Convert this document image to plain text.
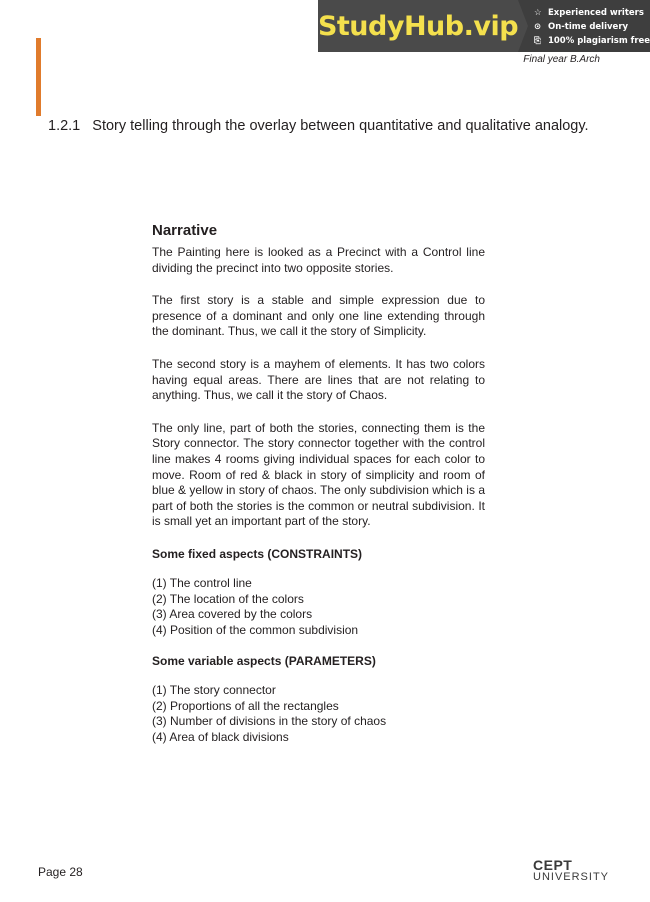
StudyHub.vip ☆ Experienced writers
⊙ On-time delivery
⎘ 100% plagiarism free
Final year B.Arch
1.2.1 Story telling through the overlay between quantitative and qualitative analogy.
Narrative

The Painting here is looked as a Precinct with a Control line dividing the precinct into two opposite stories.

The first story is a stable and simple expression due to presence of a dominant and only one line extending through the dominant. Thus, we call it the story of Simplicity.

The second story is a mayhem of elements. It has two colors having equal areas. There are lines that are not relating to anything. Thus, we call it the story of Chaos.

The only line, part of both the stories, connecting them is the Story connector. The story connector together with the control line makes 4 rooms giving individual spaces for each color to move. Room of red & black in story of simplicity and room of blue & yellow in story of chaos. The only subdivision which is a part of both the stories is the common or neutral subdivision. It is small yet an important part of the story.

Some fixed aspects (CONSTRAINTS)
(1) The control line
(2) The location of the colors
(3) Area covered by the colors
(4) Position of the common subdivision
Some variable aspects (PARAMETERS)
(1) The story connector
(2) Proportions of all the rectangles
(3) Number of divisions in the story of chaos
(4) Area of black divisions
Page 28	CEPT
UNIVERSITY
